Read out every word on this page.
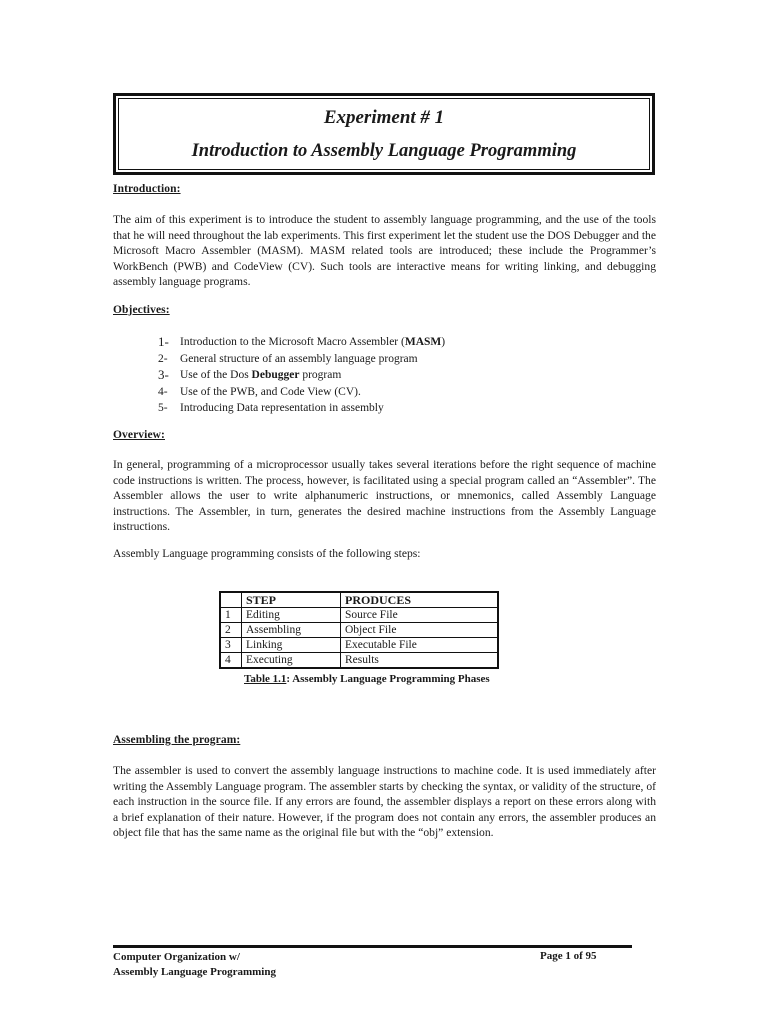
Experiment # 1
Introduction to Assembly Language Programming
Introduction:

The aim of this experiment is to introduce the student to assembly language programming, and the use of the tools that he will need throughout the lab experiments. This first experiment let the student use the DOS Debugger and the Microsoft Macro Assembler (MASM). MASM related tools are introduced; these include the Programmer’s WorkBench (PWB) and CodeView (CV). Such tools are interactive means for writing linking, and debugging assembly language programs.

Objectives:
1- Introduction to the Microsoft Macro Assembler (MASM)
2-	General structure of an assembly language program
3- Use of the Dos Debugger program
4-	Use of the PWB, and Code View (CV).
5-	Introducing Data representation in assembly
Overview:

In general, programming of a microprocessor usually takes several iterations before the right sequence of machine code instructions is written. The process, however, is facilitated using a special program called an “Assembler”. The Assembler allows the user to write alphanumeric instructions, or mnemonics, called Assembly Language instructions. The Assembler, in turn, generates the desired machine instructions from the Assembly Language instructions.

Assembly Language programming consists of the following steps:

	STEP	PRODUCES
1	Editing	Source File
2	Assembling	Object File
3	Linking	Executable File
4	Executing	Results
Table 1.1: Assembly Language Programming Phases
Assembling the program:

The assembler is used to convert the assembly language instructions to machine code. It is used immediately after writing the Assembly Language program. The assembler starts by checking the syntax, or validity of the structure, of each instruction in the source file. If any errors are found, the assembler displays a report on these errors along with a brief explanation of their nature. However, if the program does not contain any errors, the assembler produces an object file that has the same name as the original file but with the “obj” extension.

Computer Organization w/
Assembly Language Programming
Page 1 of 95
